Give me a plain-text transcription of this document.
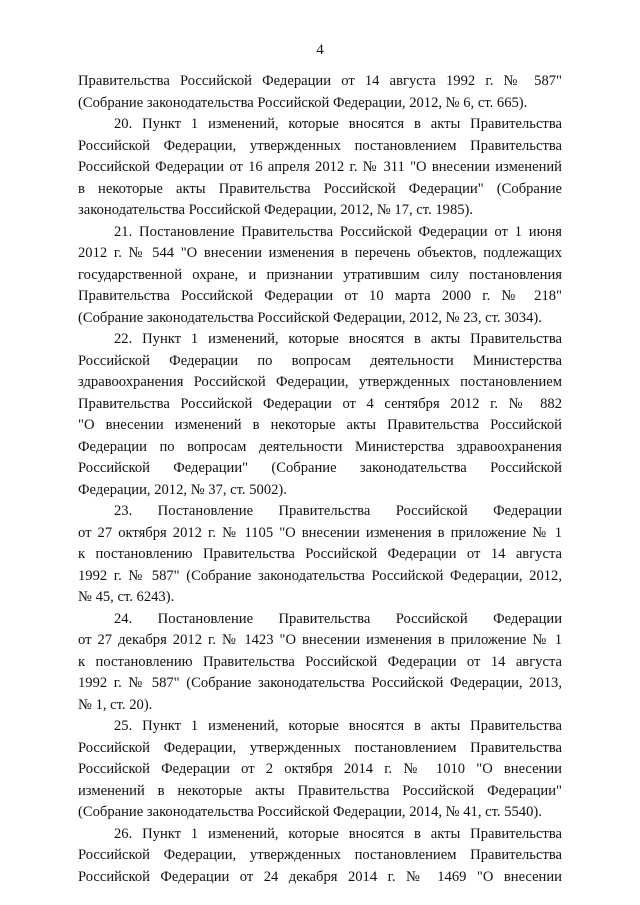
4
Правительства Российской Федерации от 14 августа 1992 г. № 587"
(Собрание законодательства Российской Федерации, 2012, № 6, ст. 665).
20. Пункт 1 изменений, которые вносятся в акты Правительства
Российской Федерации, утвержденных постановлением Правительства
Российской Федерации от 16 апреля 2012 г. № 311 "О внесении изменений
в некоторые акты Правительства Российской Федерации" (Собрание
законодательства Российской Федерации, 2012, № 17, ст. 1985).
21. Постановление Правительства Российской Федерации от 1 июня
2012 г. № 544 "О внесении изменения в перечень объектов, подлежащих
государственной охране, и признании утратившим силу постановления
Правительства Российской Федерации от 10 марта 2000 г. № 218"
(Собрание законодательства Российской Федерации, 2012, № 23, ст. 3034).
22. Пункт 1 изменений, которые вносятся в акты Правительства
Российской Федерации по вопросам деятельности Министерства
здравоохранения Российской Федерации, утвержденных постановлением
Правительства Российской Федерации от 4 сентября 2012 г. № 882
"О внесении изменений в некоторые акты Правительства Российской
Федерации по вопросам деятельности Министерства здравоохранения
Российской Федерации" (Собрание законодательства Российской
Федерации, 2012, № 37, ст. 5002).
23. Постановление Правительства Российской Федерации
от 27 октября 2012 г. № 1105 "О внесении изменения в приложение № 1
к постановлению Правительства Российской Федерации от 14 августа
1992 г. № 587" (Собрание законодательства Российской Федерации, 2012,
№ 45, ст. 6243).
24. Постановление Правительства Российской Федерации
от 27 декабря 2012 г. № 1423 "О внесении изменения в приложение № 1
к постановлению Правительства Российской Федерации от 14 августа
1992 г. № 587" (Собрание законодательства Российской Федерации, 2013,
№ 1, ст. 20).
25. Пункт 1 изменений, которые вносятся в акты Правительства
Российской Федерации, утвержденных постановлением Правительства
Российской Федерации от 2 октября 2014 г. № 1010 "О внесении
изменений в некоторые акты Правительства Российской Федерации"
(Собрание законодательства Российской Федерации, 2014, № 41, ст. 5540).
26. Пункт 1 изменений, которые вносятся в акты Правительства
Российской Федерации, утвержденных постановлением Правительства
Российской Федерации от 24 декабря 2014 г. № 1469 "О внесении
